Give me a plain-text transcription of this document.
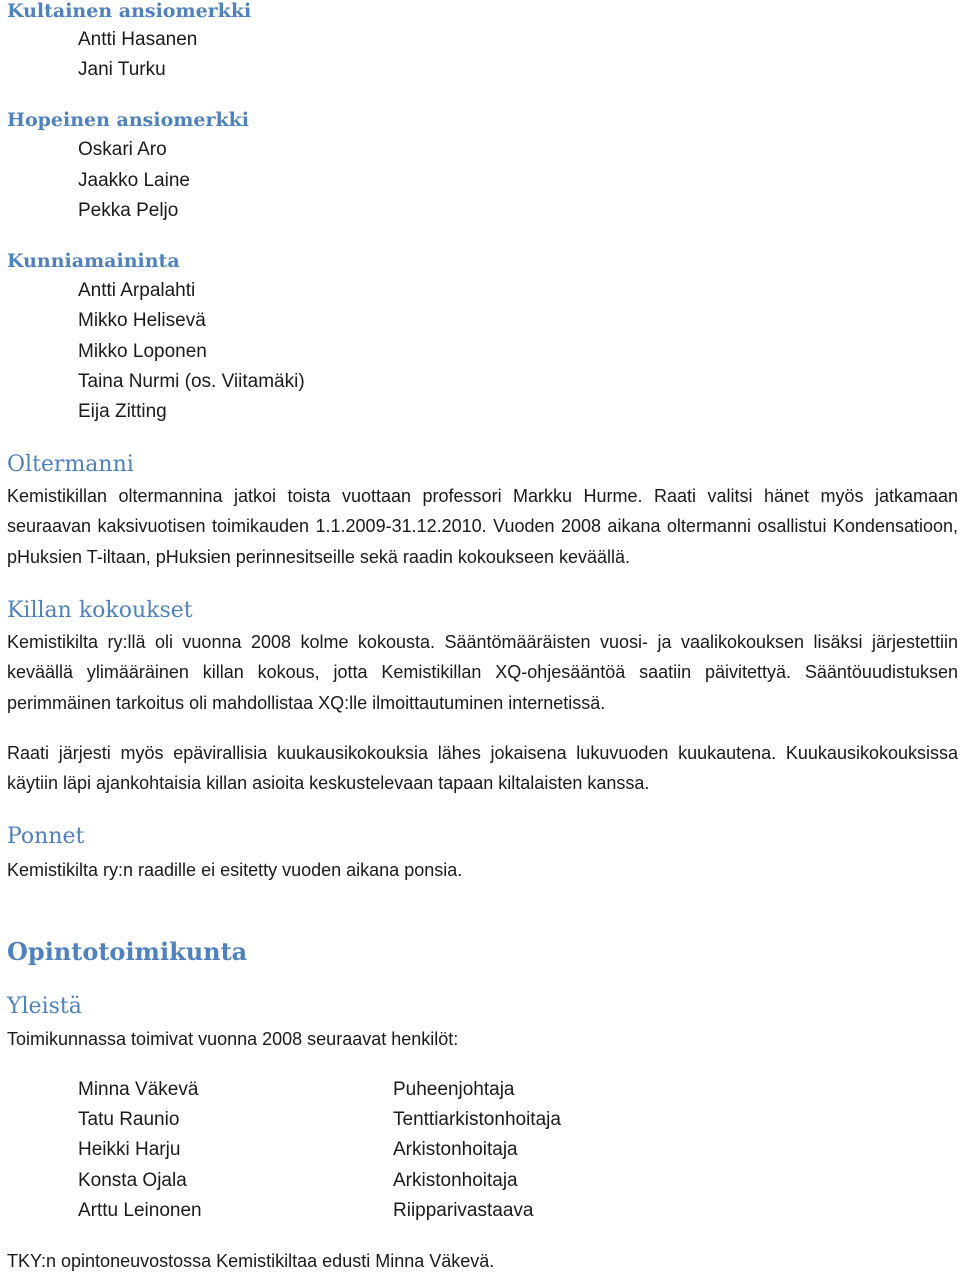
Kultainen ansiomerkki
Antti Hasanen
Jani Turku
Hopeinen ansiomerkki
Oskari Aro
Jaakko Laine
Pekka Peljo
Kunniamaininta
Antti Arpalahti
Mikko Helisevä
Mikko Loponen
Taina Nurmi (os. Viitamäki)
Eija Zitting
Oltermanni

Kemistikillan oltermannina jatkoi toista vuottaan professori Markku Hurme. Raati valitsi hänet myös jatkamaan seuraavan kaksivuotisen toimikauden 1.1.2009-31.12.2010. Vuoden 2008 aikana oltermanni osallistui Kondensatioon, pHuksien T-iltaan, pHuksien perinnesitseille sekä raadin kokoukseen keväällä.

Killan kokoukset

Kemistikilta ry:llä oli vuonna 2008 kolme kokousta. Sääntömääräisten vuosi- ja vaalikokouksen lisäksi järjestettiin keväällä ylimääräinen killan kokous, jotta Kemistikillan XQ-ohjesääntöä saatiin päivitettyä. Sääntöuudistuksen perimmäinen tarkoitus oli mahdollistaa XQ:lle ilmoittautuminen internetissä.

Raati järjesti myös epävirallisia kuukausikokouksia lähes jokaisena lukuvuoden kuukautena. Kuukausikokouksissa käytiin läpi ajankohtaisia killan asioita keskustelevaan tapaan kiltalaisten kanssa.

Ponnet
Kemistikilta ry:n raadille ei esitetty vuoden aikana ponsia.
Opintotoimikunta
Yleistä
Toimikunnassa toimivat vuonna 2008 seuraavat henkilöt:
Minna Väkevä	Puheenjohtaja
Tatu Raunio	Tenttiarkistonhoitaja
Heikki Harju	Arkistonhoitaja
Konsta Ojala	Arkistonhoitaja
Arttu Leinonen	Riipparivastaava
TKY:n opintoneuvostossa Kemistikiltaa edusti Minna Väkevä.
